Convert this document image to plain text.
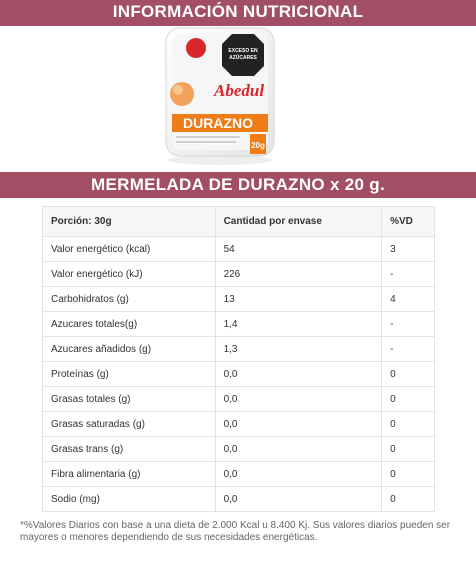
INFORMACIÓN NUTRICIONAL
EXCESO EN
AZÚCARES
Abedul
DURAZNO
20g
MERMELADA DE DURAZNO x 20 g.
Porción: 30g	Cantidad por envase	%VD
Valor energético (kcal)	54	3
Valor energético (kJ)	226	-
Carbohidratos (g)	13	4
Azucares totales(g)	1,4	-
Azucares añadidos (g)	1,3	-
Proteínas (g)	0,0	0
Grasas totales (g)	0,0	0
Grasas saturadas (g)	0,0	0
Grasas trans (g)	0,0	0
Fibra alimentaria (g)	0,0	0
Sodio (mg)	0,0	0
*%Valores Diarios con base a una dieta de 2.000 Kcal u 8.400 Kj. Sus valores diarios pueden ser mayores o menores dependiendo de sus necesidades energéticas.
